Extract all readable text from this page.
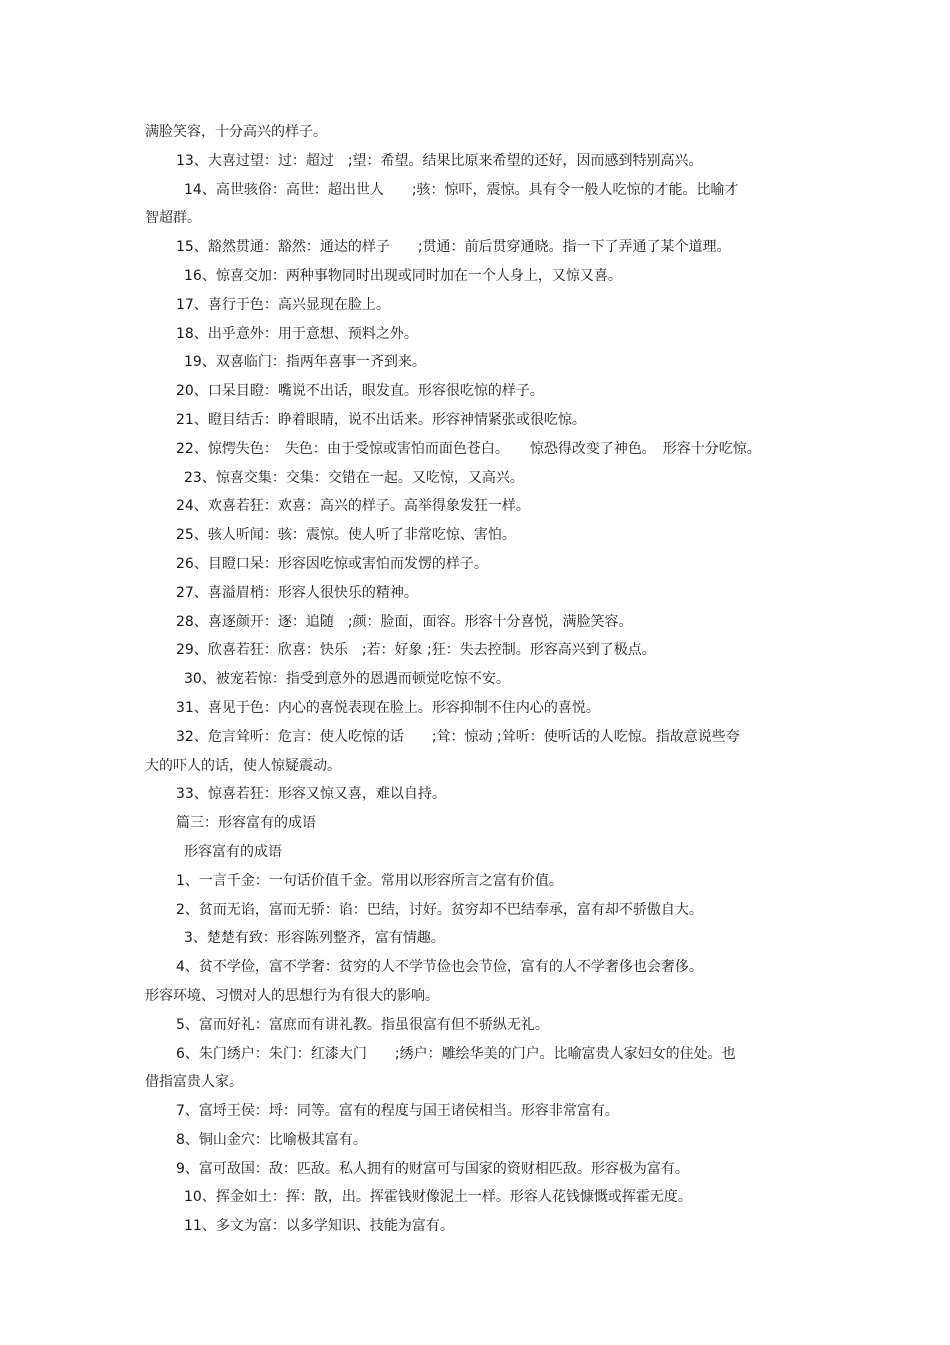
满脸笑容，十分高兴的样子。
13、大喜过望：过：超过　;望：希望。结果比原来希望的还好，因而感到特别高兴。
14、高世骇俗：高世：超出世人　　;骇：惊吓，震惊。具有令一般人吃惊的才能。比喻才
智超群。
15、豁然贯通：豁然：通达的样子　　;贯通：前后贯穿通晓。指一下了弄通了某个道理。
16、惊喜交加：两种事物同时出现或同时加在一个人身上，又惊又喜。
17、喜行于色：高兴显现在脸上。
18、出乎意外：用于意想、预料之外。
19、双喜临门：指两年喜事一齐到来。
20、口呆目瞪：嘴说不出话，眼发直。形容很吃惊的样子。
21、瞪目结舌：睁着眼睛，说不出话来。形容神情紧张或很吃惊。
22、惊愕失色：　失色：由于受惊或害怕而面色苍白。　　惊恐得改变了神色。　形容十分吃惊。
23、惊喜交集：交集：交错在一起。又吃惊，又高兴。
24、欢喜若狂：欢喜：高兴的样子。高举得象发狂一样。
25、骇人听闻：骇：震惊。使人听了非常吃惊、害怕。
26、目瞪口呆：形容因吃惊或害怕而发愣的样子。
27、喜溢眉梢：形容人很快乐的精神。
28、喜逐颜开：逐：追随　;颜：脸面，面容。形容十分喜悦，满脸笑容。
29、欣喜若狂：欣喜：快乐　;若：好象 ;狂：失去控制。形容高兴到了极点。
30、被宠若惊：指受到意外的恩遇而顿觉吃惊不安。
31、喜见于色：内心的喜悦表现在脸上。形容抑制不住内心的喜悦。
32、危言耸听：危言：使人吃惊的话　　;耸：惊动 ;耸听：使听话的人吃惊。指故意说些夸
大的吓人的话，使人惊疑震动。
33、惊喜若狂：形容又惊又喜，难以自持。
篇三：形容富有的成语
形容富有的成语
1、一言千金：一句话价值千金。常用以形容所言之富有价值。
2、贫而无谄，富而无骄：谄：巴结，讨好。贫穷却不巴结奉承，富有却不骄傲自大。
3、楚楚有致：形容陈列整齐，富有情趣。
4、贫不学俭，富不学奢：贫穷的人不学节俭也会节俭，富有的人不学奢侈也会奢侈。
形容环境、习惯对人的思想行为有很大的影响。
5、富而好礼：富庶而有讲礼教。指虽很富有但不骄纵无礼。
6、朱门绣户：朱门：红漆大门　　;绣户：雕绘华美的门户。比喻富贵人家妇女的住处。也
借指富贵人家。
7、富埒王侯：埒：同等。富有的程度与国王诸侯相当。形容非常富有。
8、铜山金穴：比喻极其富有。
9、富可敌国：敌：匹敌。私人拥有的财富可与国家的资财相匹敌。形容极为富有。
10、挥金如土：挥：散，出。挥霍钱财像泥土一样。形容人花钱慷慨或挥霍无度。
11、多文为富：以多学知识、技能为富有。
